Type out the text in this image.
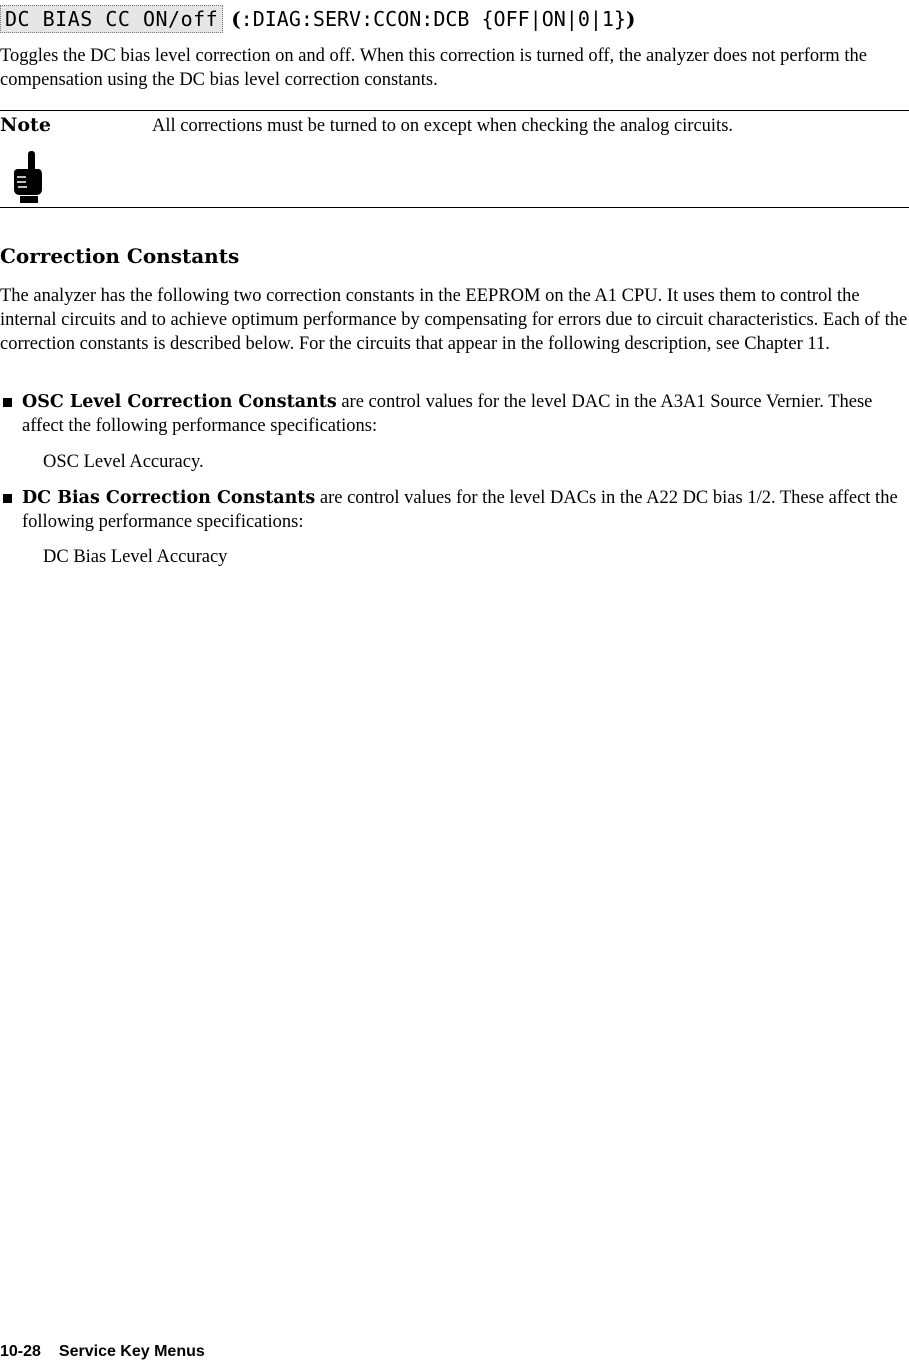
DC BIAS CC ON/off (:DIAG:SERV:CCON:DCB {OFF|ON|0|1})

Toggles the DC bias level correction on and off. When this correction is turned off, the analyzer does not perform the compensation using the DC bias level correction constants.

Note	All corrections must be turned to on except when checking the analog circuits.

Correction Constants

The analyzer has the following two correction constants in the EEPROM on the A1 CPU. It uses them to control the internal circuits and to achieve optimum performance by compensating for errors due to circuit characteristics. Each of the correction constants is described below. For the circuits that appear in the following description, see Chapter 11.

OSC Level Correction Constants are control values for the level DAC in the A3A1 Source Vernier. These affect the following performance specifications:
OSC Level Accuracy.
DC Bias Correction Constants are control values for the level DACs in the A22 DC bias 1/2. These affect the following performance specifications:
DC Bias Level Accuracy
10-28 Service Key Menus
